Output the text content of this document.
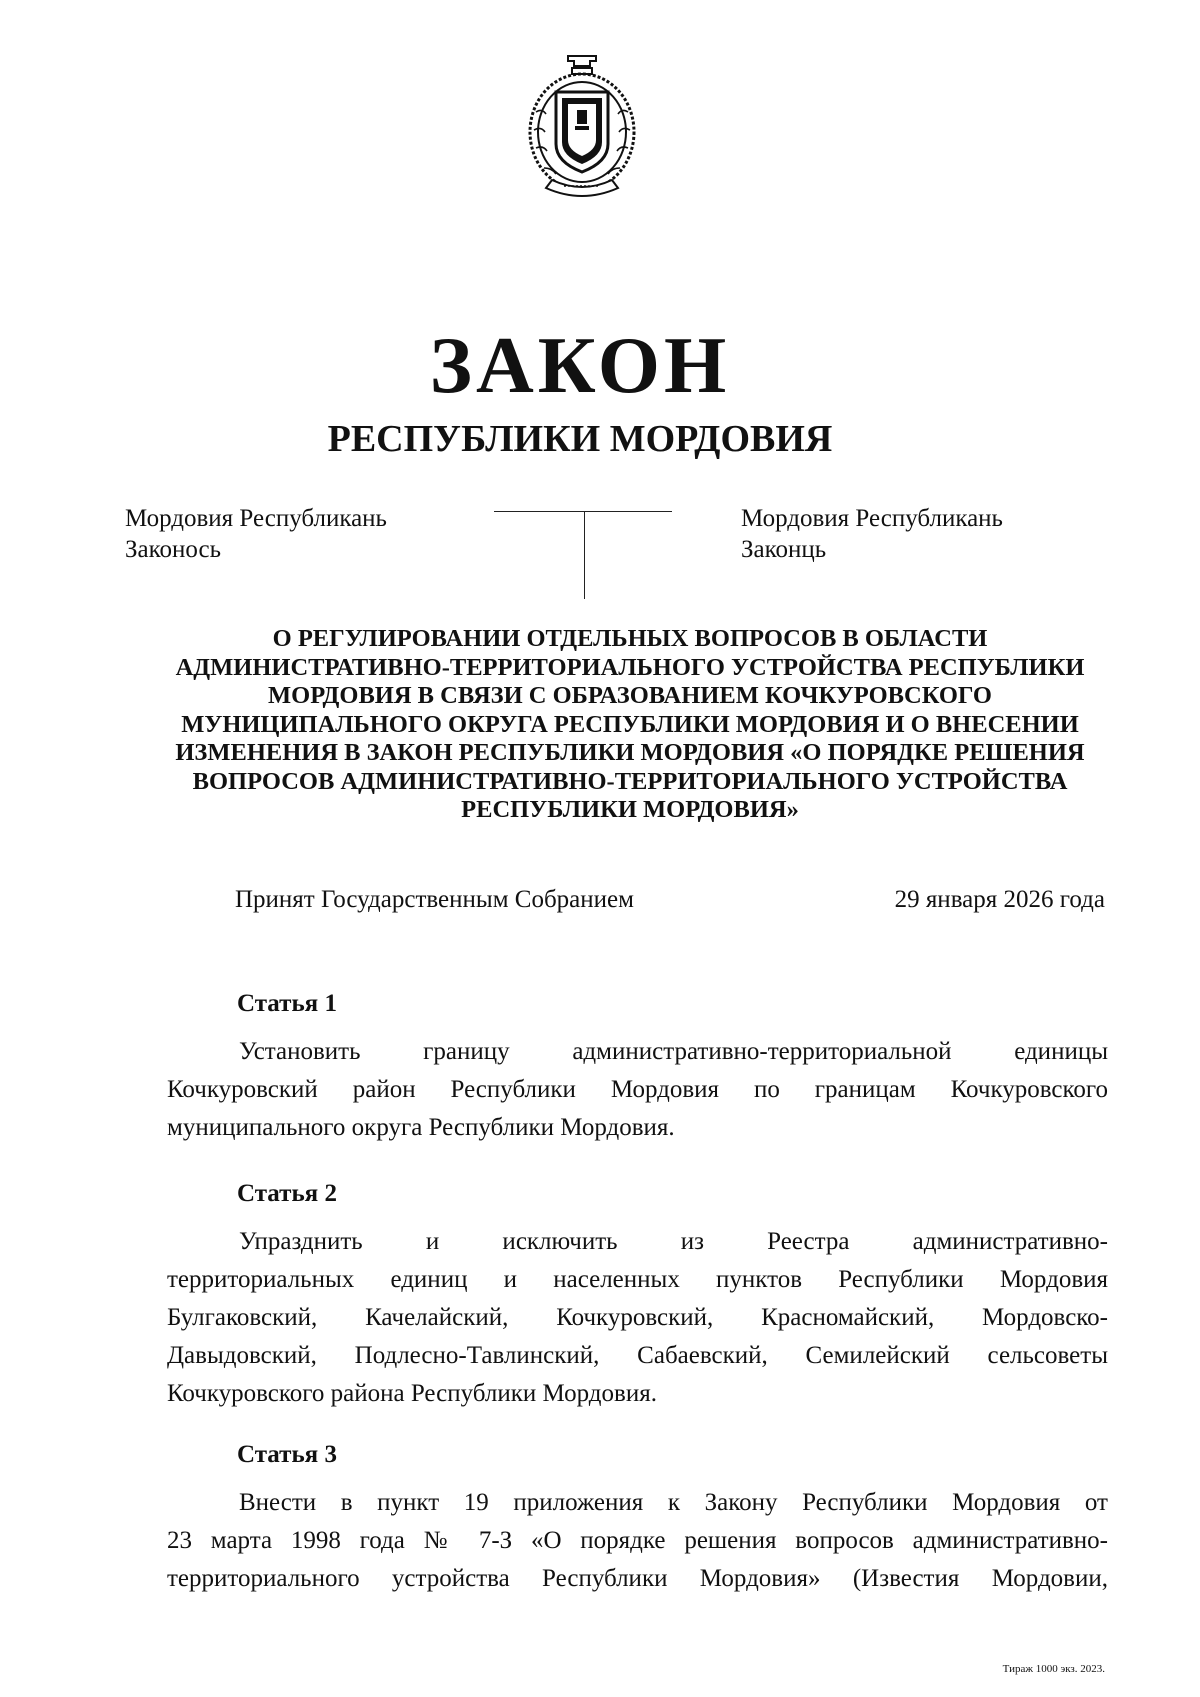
ЗАКОН
РЕСПУБЛИКИ МОРДОВИЯ
Мордовия Республикань
Законось
Мордовия Республикань
Законць
О РЕГУЛИРОВАНИИ ОТДЕЛЬНЫХ ВОПРОСОВ В ОБЛАСТИ
АДМИНИСТРАТИВНО-ТЕРРИТОРИАЛЬНОГО УСТРОЙСТВА РЕСПУБЛИКИ
МОРДОВИЯ В СВЯЗИ С ОБРАЗОВАНИЕМ КОЧКУРОВСКОГО
МУНИЦИПАЛЬНОГО ОКРУГА РЕСПУБЛИКИ МОРДОВИЯ И О ВНЕСЕНИИ
ИЗМЕНЕНИЯ В ЗАКОН РЕСПУБЛИКИ МОРДОВИЯ «О ПОРЯДКЕ РЕШЕНИЯ
ВОПРОСОВ АДМИНИСТРАТИВНО-ТЕРРИТОРИАЛЬНОГО УСТРОЙСТВА
РЕСПУБЛИКИ МОРДОВИЯ»
Принят Государственным Собранием	29 января 2026 года
Статья 1
Установить границу административно-территориальной единицы
Кочкуровский район Республики Мордовия по границам Кочкуровского
муниципального округа Республики Мордовия.
Статья 2
Упразднить и исключить из Реестра административно-
территориальных единиц и населенных пунктов Республики Мордовия
Булгаковский, Качелайский, Кочкуровский, Красномайский, Мордовско-
Давыдовский, Подлесно-Тавлинский, Сабаевский, Семилейский сельсоветы
Кочкуровского района Республики Мордовия.
Статья 3
Внести в пункт 19 приложения к Закону Республики Мордовия от
23 марта 1998 года № 7-З «О порядке решения вопросов административно-
территориального устройства Республики Мордовия» (Известия Мордовии,
Тираж 1000 экз. 2023.
